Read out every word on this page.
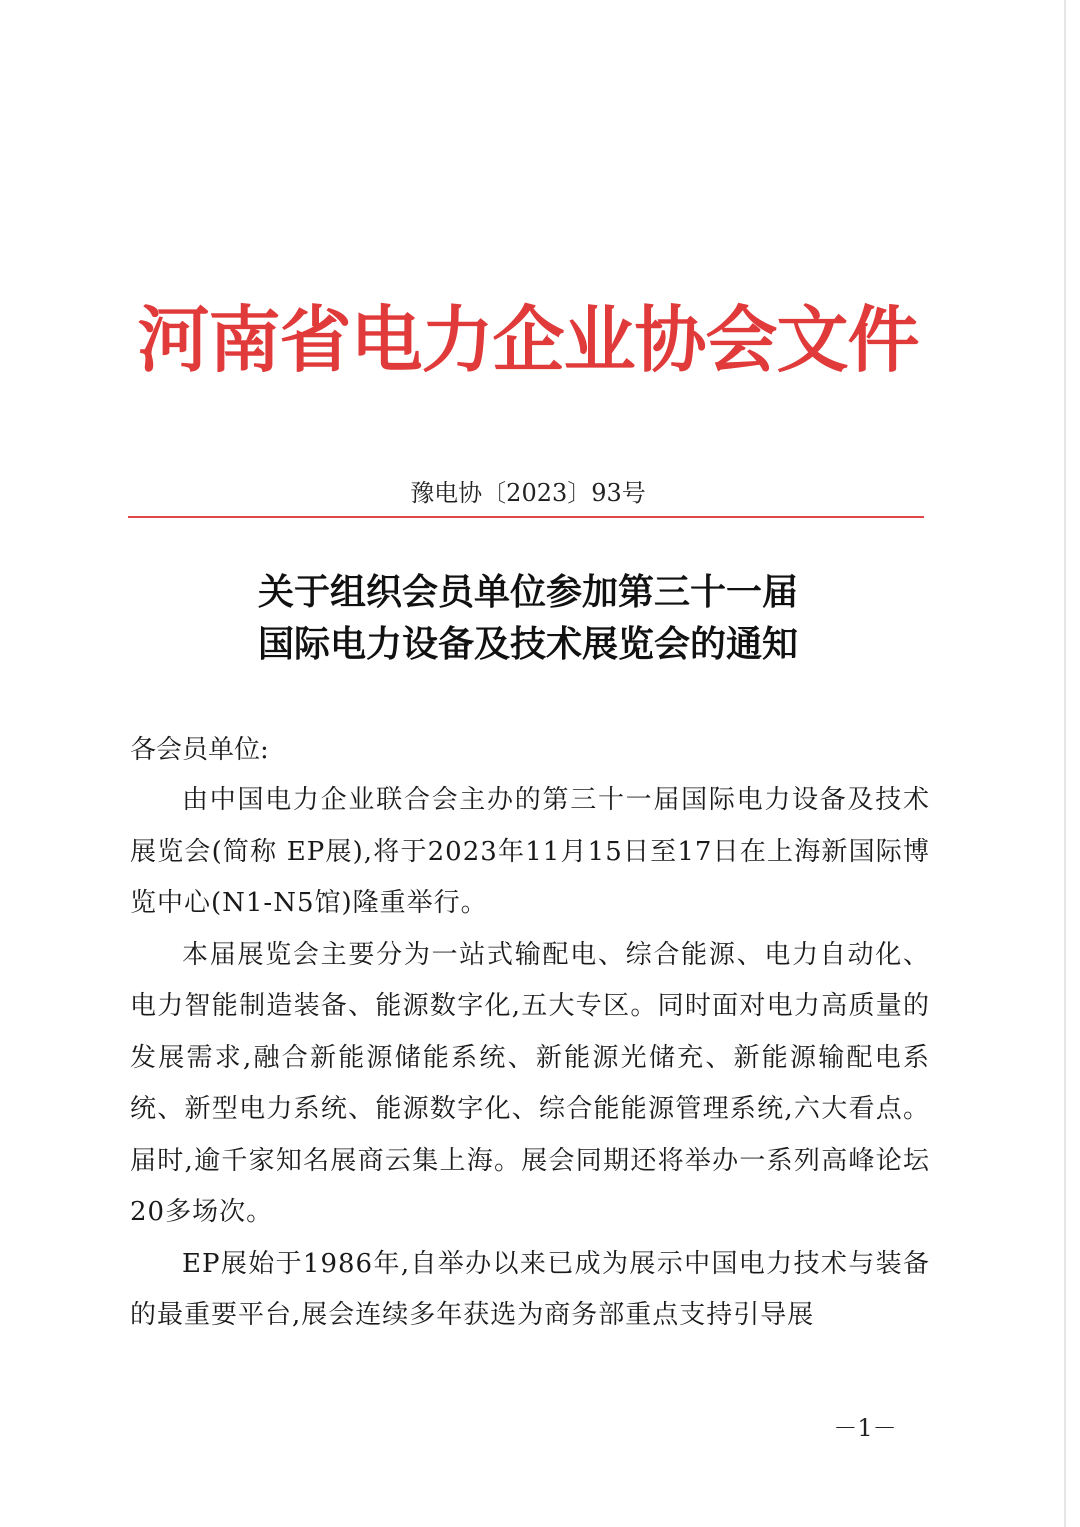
河南省电力企业协会文件
豫电协〔2023〕93号
关于组织会员单位参加第三十一届
国际电力设备及技术展览会的通知
各会员单位:

由中国电力企业联合会主办的第三十一届国际电力设备及技术展览会(简称 EP展),将于2023年11月15日至17日在上海新国际博览中心(N1-N5馆)隆重举行。

本届展览会主要分为一站式输配电、综合能源、电力自动化、电力智能制造装备、能源数字化,五大专区。同时面对电力高质量的发展需求,融合新能源储能系统、新能源光储充、新能源输配电系统、新型电力系统、能源数字化、综合能能源管理系统,六大看点。届时,逾千家知名展商云集上海。展会同期还将举办一系列高峰论坛20多场次。

EP展始于1986年,自举办以来已成为展示中国电力技术与装备的最重要平台,展会连续多年获选为商务部重点支持引导展

－1－
